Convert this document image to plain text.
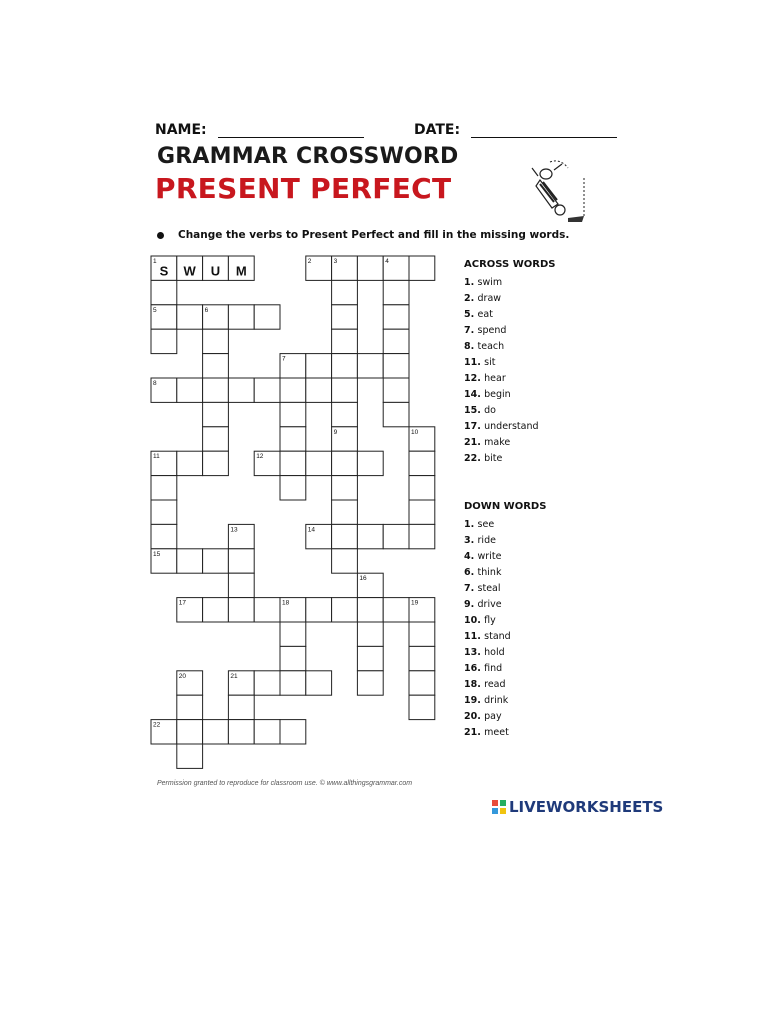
NAME:	DATE:
GRAMMAR CROSSWORD
PRESENT PERFECT
Change the verbs to Present Perfect and fill in the missing words.
1	2	3	4
5	6
7
8
9	10
11	12
13	14
15
16
17	18	19
20	21
22
S W U M	ACROSS WORDS
1. swim
2. draw
5. eat
7. spend
8. teach
11. sit
12. hear
14. begin
15. do
17. understand
21. make
22. bite
DOWN WORDS
1. see
3. ride
4. write
6. think
7. steal
9. drive
10. fly
11. stand
13. hold
16. find
18. read
19. drink
20. pay
21. meet
Permission granted to reproduce for classroom use. © www.allthingsgrammar.com
LIVEWORKSHEETS
